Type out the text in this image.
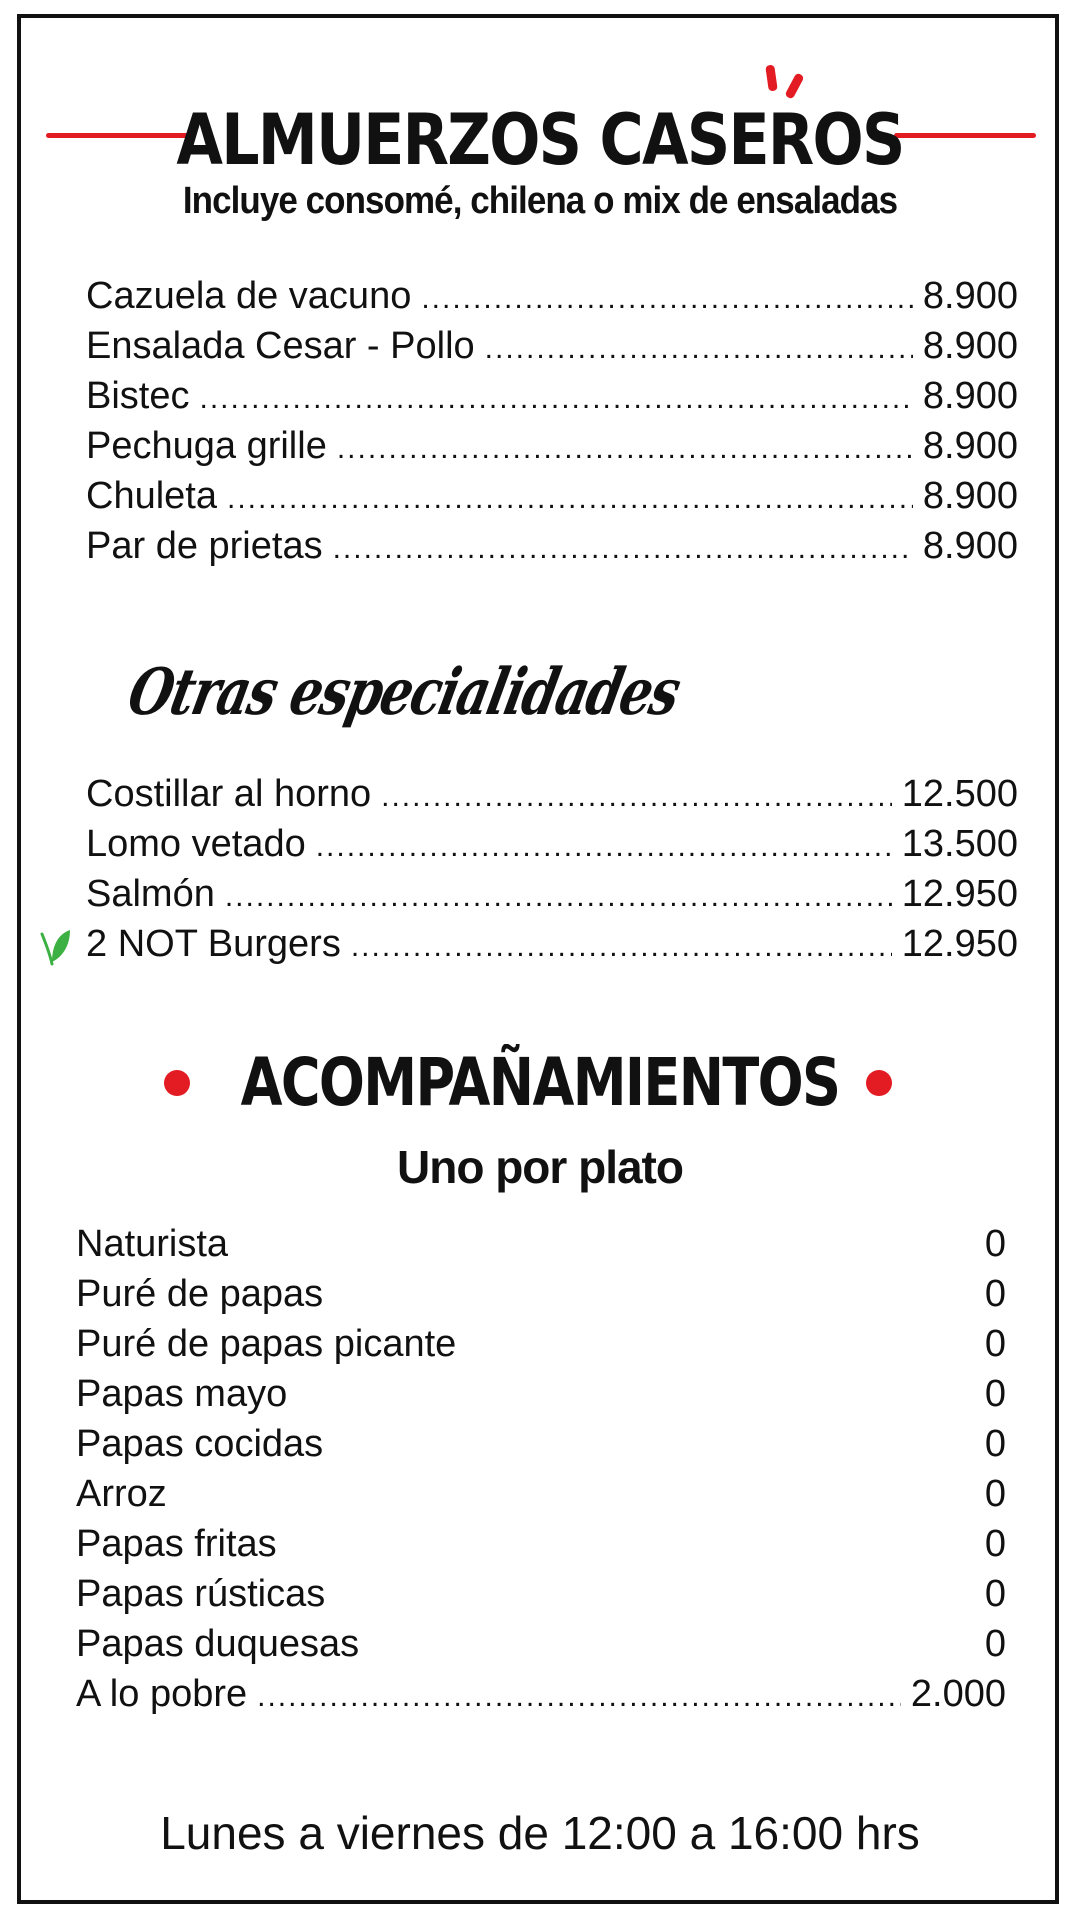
ALMUERZOS CASEROS
Incluye consomé, chilena o mix de ensaladas
Cazuela de vacuno .....	8.900
Ensalada Cesar - Pollo .....	8.900
Bistec .....	8.900
Pechuga grille .....	8.900
Chuleta .....	8.900
Par de prietas .....	8.900
Otras especialidades
Costillar al horno .....	12.500
Lomo vetado .....	13.500
Salmón .....	12.950
2 NOT Burgers .....	12.950
ACOMPAÑAMIENTOS
Uno por plato
Naturista	0
Puré de papas	0
Puré de papas picante	0
Papas mayo	0
Papas cocidas	0
Arroz	0
Papas fritas	0
Papas rústicas	0
Papas duquesas	0
A lo pobre .....	2.000
Lunes a viernes de 12:00 a 16:00 hrs
